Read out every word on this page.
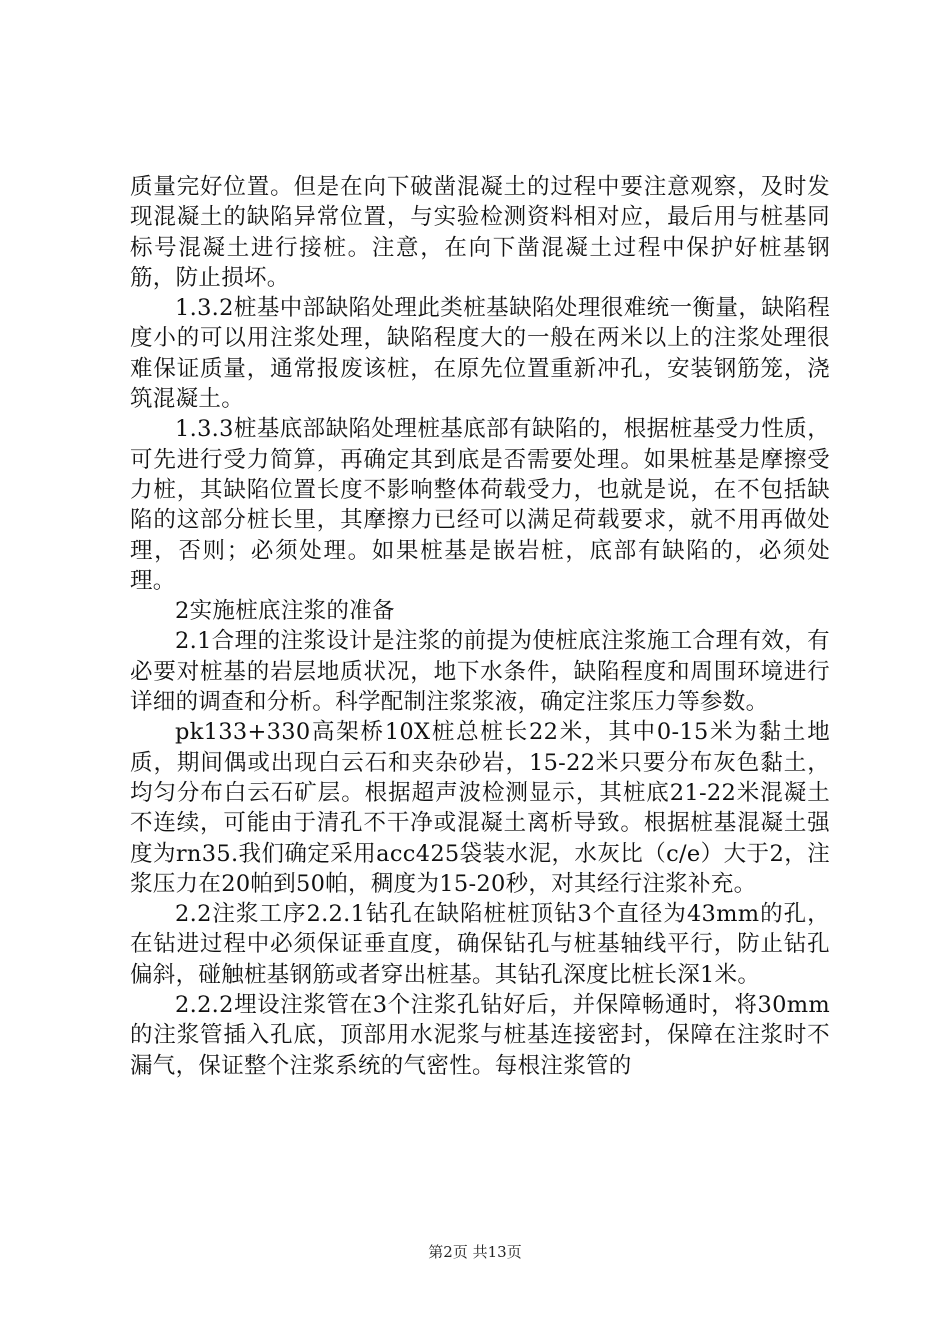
质量完好位置。但是在向下破凿混凝土的过程中要注意观察，及时发现混凝土的缺陷异常位置，与实验检测资料相对应，最后用与桩基同标号混凝土进行接桩。注意，在向下凿混凝土过程中保护好桩基钢筋，防止损坏。

1.3.2桩基中部缺陷处理此类桩基缺陷处理很难统一衡量，缺陷程度小的可以用注浆处理，缺陷程度大的一般在两米以上的注浆处理很难保证质量，通常报废该桩，在原先位置重新冲孔，安装钢筋笼，浇筑混凝土。

1.3.3桩基底部缺陷处理桩基底部有缺陷的，根据桩基受力性质，可先进行受力简算，再确定其到底是否需要处理。如果桩基是摩擦受力桩，其缺陷位置长度不影响整体荷载受力，也就是说，在不包括缺陷的这部分桩长里，其摩擦力已经可以满足荷载要求，就不用再做处理，否则；必须处理。如果桩基是嵌岩桩，底部有缺陷的，必须处理。

2实施桩底注浆的准备

2.1合理的注浆设计是注浆的前提为使桩底注浆施工合理有效，有必要对桩基的岩层地质状况，地下水条件，缺陷程度和周围环境进行详细的调查和分析。科学配制注浆浆液，确定注浆压力等参数。

pk133+330高架桥10X桩总桩长22米，其中0-15米为黏土地质，期间偶或出现白云石和夹杂砂岩，15-22米只要分布灰色黏土，均匀分布白云石矿层。根据超声波检测显示，其桩底21-22米混凝土不连续，可能由于清孔不干净或混凝土离析导致。根据桩基混凝土强度为rn35.我们确定采用acc425袋装水泥，水灰比（c/e）大于2，注浆压力在20帕到50帕，稠度为15-20秒，对其经行注浆补充。

2.2注浆工序2.2.1钻孔在缺陷桩桩顶钻3个直径为43mm的孔，在钻进过程中必须保证垂直度，确保钻孔与桩基轴线平行，防止钻孔偏斜，碰触桩基钢筋或者穿出桩基。其钻孔深度比桩长深1米。

2.2.2埋设注浆管在3个注浆孔钻好后，并保障畅通时，将30mm的注浆管插入孔底，顶部用水泥浆与桩基连接密封，保障在注浆时不漏气，保证整个注浆系统的气密性。每根注浆管的

第2页 共13页
